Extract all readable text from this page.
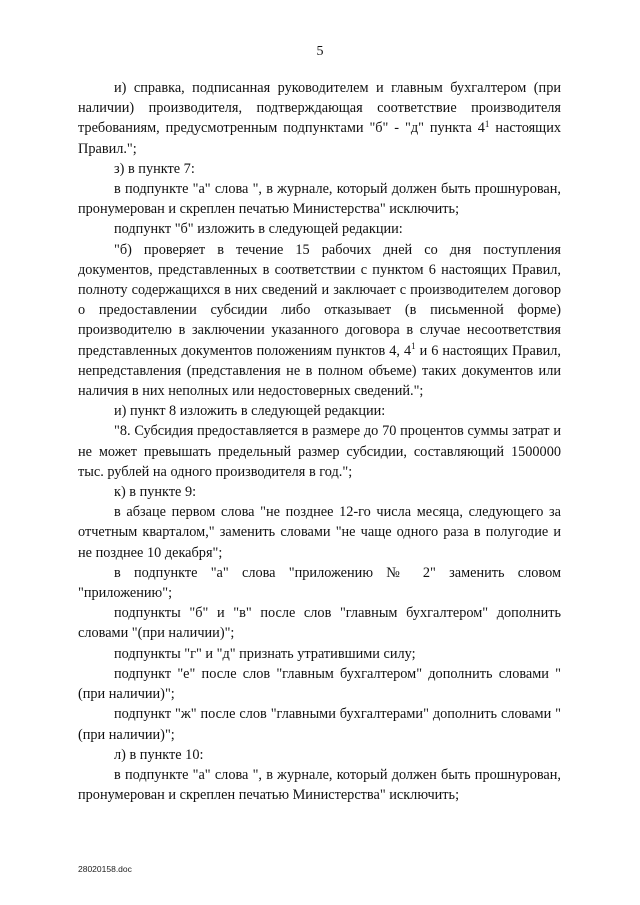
5

и) справка, подписанная руководителем и главным бухгалтером (при наличии) производителя, подтверждающая соответствие производителя требованиям, предусмотренным подпунктами "б" - "д" пункта $4^1$ настоящих Правил.";

з) в пункте 7:

в подпункте "а" слова ", в журнале, который должен быть прошнурован, пронумерован и скреплен печатью Министерства" исключить;

подпункт "б" изложить в следующей редакции:

"б) проверяет в течение 15 рабочих дней со дня поступления документов, представленных в соответствии с пунктом 6 настоящих Правил, полноту содержащихся в них сведений и заключает с производителем договор о предоставлении субсидии либо отказывает (в письменной форме) производителю в заключении указанного договора в случае несоответствия представленных документов положениям пунктов 4, $4^1$ и 6 настоящих Правил, непредставления (представления не в полном объеме) таких документов или наличия в них неполных или недостоверных сведений.";

и) пункт 8 изложить в следующей редакции:

"8. Субсидия предоставляется в размере до 70 процентов суммы затрат и не может превышать предельный размер субсидии, составляющий 1500000 тыс. рублей на одного производителя в год.";

к) в пункте 9:

в абзаце первом слова "не позднее 12-го числа месяца, следующего за отчетным кварталом," заменить словами "не чаще одного раза в полугодие и не позднее 10 декабря";

в подпункте "а" слова "приложению № 2" заменить словом "приложению";

подпункты "б" и "в" после слов "главным бухгалтером" дополнить словами "(при наличии)";

подпункты "г" и "д" признать утратившими силу;

подпункт "е" после слов "главным бухгалтером" дополнить словами "(при наличии)";

подпункт "ж" после слов "главными бухгалтерами" дополнить словами "(при наличии)";

л) в пункте 10:

в подпункте "а" слова ", в журнале, который должен быть прошнурован, пронумерован и скреплен печатью Министерства" исключить;

28020158.doc
